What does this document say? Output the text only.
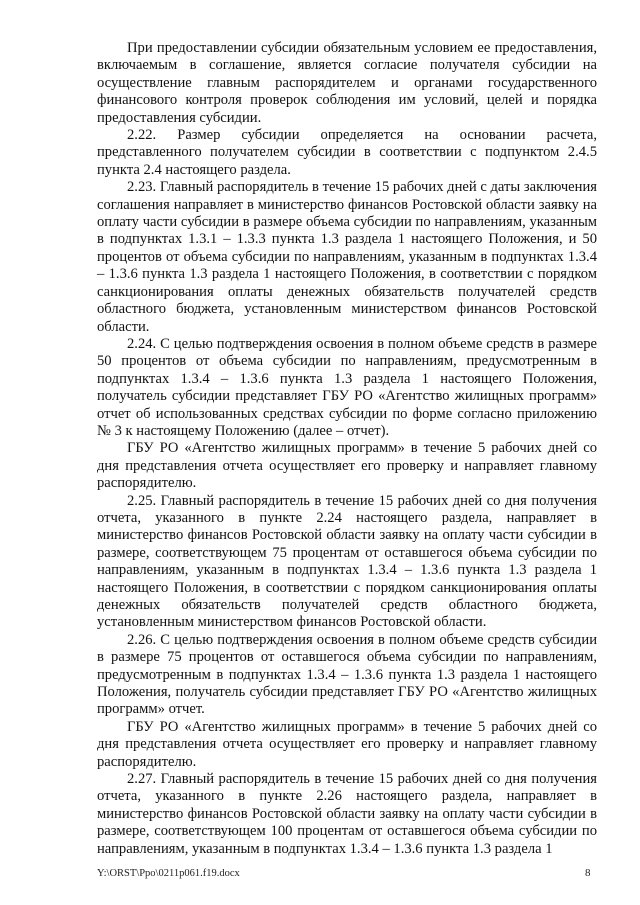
При предоставлении субсидии обязательным условием ее предоставления, включаемым в соглашение, является согласие получателя субсидии на осуществление главным распорядителем и органами государственного финансового контроля проверок соблюдения им условий, целей и порядка предоставления субсидии.

2.22. Размер субсидии определяется на основании расчета, представленного получателем субсидии в соответствии с подпунктом 2.4.5 пункта 2.4 настоящего раздела.

2.23. Главный распорядитель в течение 15 рабочих дней с даты заключения соглашения направляет в министерство финансов Ростовской области заявку на оплату части субсидии в размере объема субсидии по направлениям, указанным в подпунктах 1.3.1 – 1.3.3 пункта 1.3 раздела 1 настоящего Положения, и 50 процентов от объема субсидии по направлениям, указанным в подпунктах 1.3.4 – 1.3.6 пункта 1.3 раздела 1 настоящего Положения, в соответствии с порядком санкционирования оплаты денежных обязательств получателей средств областного бюджета, установленным министерством финансов Ростовской области.

2.24. С целью подтверждения освоения в полном объеме средств в размере 50 процентов от объема субсидии по направлениям, предусмотренным в подпунктах 1.3.4 – 1.3.6 пункта 1.3 раздела 1 настоящего Положения, получатель субсидии представляет ГБУ РО «Агентство жилищных программ» отчет об использованных средствах субсидии по форме согласно приложению № 3 к настоящему Положению (далее – отчет).

ГБУ РО «Агентство жилищных программ» в течение 5 рабочих дней со дня представления отчета осуществляет его проверку и направляет главному распорядителю.

2.25. Главный распорядитель в течение 15 рабочих дней со дня получения отчета, указанного в пункте 2.24 настоящего раздела, направляет в министерство финансов Ростовской области заявку на оплату части субсидии в размере, соответствующем 75 процентам от оставшегося объема субсидии по направлениям, указанным в подпунктах 1.3.4 – 1.3.6 пункта 1.3 раздела 1 настоящего Положения, в соответствии с порядком санкционирования оплаты денежных обязательств получателей средств областного бюджета, установленным министерством финансов Ростовской области.

2.26. С целью подтверждения освоения в полном объеме средств субсидии в размере 75 процентов от оставшегося объема субсидии по направлениям, предусмотренным в подпунктах 1.3.4 – 1.3.6 пункта 1.3 раздела 1 настоящего Положения, получатель субсидии представляет ГБУ РО «Агентство жилищных программ» отчет.

ГБУ РО «Агентство жилищных программ» в течение 5 рабочих дней со дня представления отчета осуществляет его проверку и направляет главному распорядителю.

2.27. Главный распорядитель в течение 15 рабочих дней со дня получения отчета, указанного в пункте 2.26 настоящего раздела, направляет в министерство финансов Ростовской области заявку на оплату части субсидии в размере, соответствующем 100 процентам от оставшегося объема субсидии по направлениям, указанным в подпунктах 1.3.4 – 1.3.6 пункта 1.3 раздела 1

Y:\ORST\Ppo\0211p061.f19.docx	8
